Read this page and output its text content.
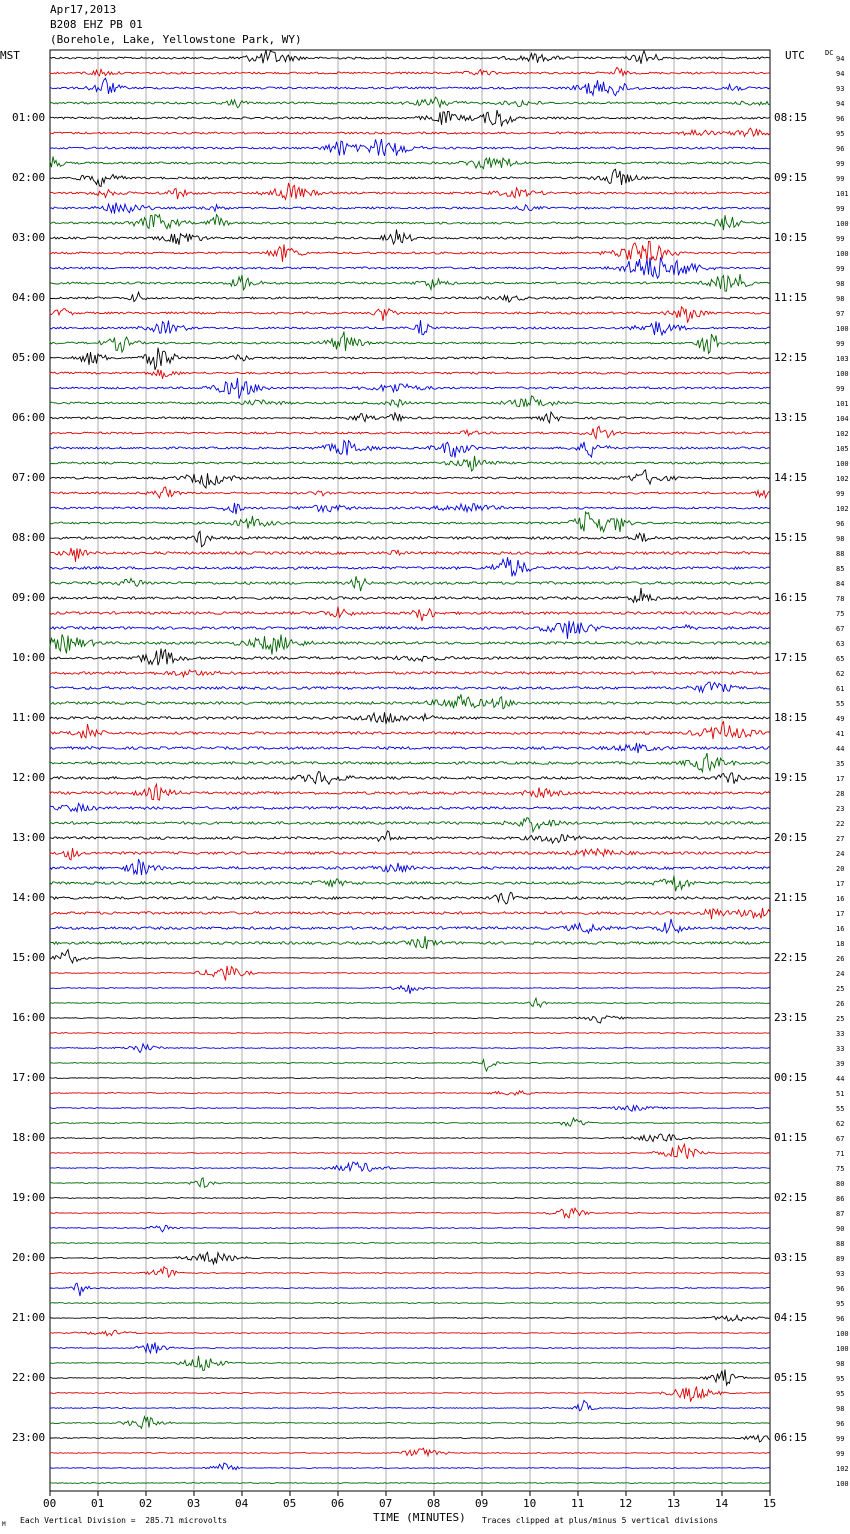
Apr17,2013
B208 EHZ PB 01
(Borehole, Lake, Yellowstone Park, WY)
MST	UTC	DC
01:00
02:00
03:00
04:00
05:00
06:00
07:00
08:00
09:00
10:00
11:00
12:00
13:00
14:00
15:00
16:00
17:00
18:00
19:00
20:00
21:00
22:00
23:00
08:15
09:15
10:15
11:15
12:15
13:15
14:15
15:15
16:15
17:15
18:15
19:15
20:15
21:15
22:15
23:15
00:15
01:15
02:15
03:15
04:15
05:15
06:15
94
94
93
94
96
95
96
99
99
101
99
100
99
100
99
98
98
97
100
99
103
100
99
101
104
102
105
100
102
99
102
96
98
88
85
84
78
75
67
63
65
62
61
55
49
41
44
35
17
28
23
22
27
24
20
17
16
17
16
18
26
24
25
26
25
33
33
39
44
51
55
62
67
71
75
80
86
87
90
88
89
93
96
95
96
100
100
98
95
95
98
96
99
99
102
100
00	01	02	03	04	05	06	07	08	09	10	11	12	13	14	15
TIME (MINUTES)
Each Vertical Division =  285.71 microvolts	Traces clipped at plus/minus 5 vertical divisions
M
